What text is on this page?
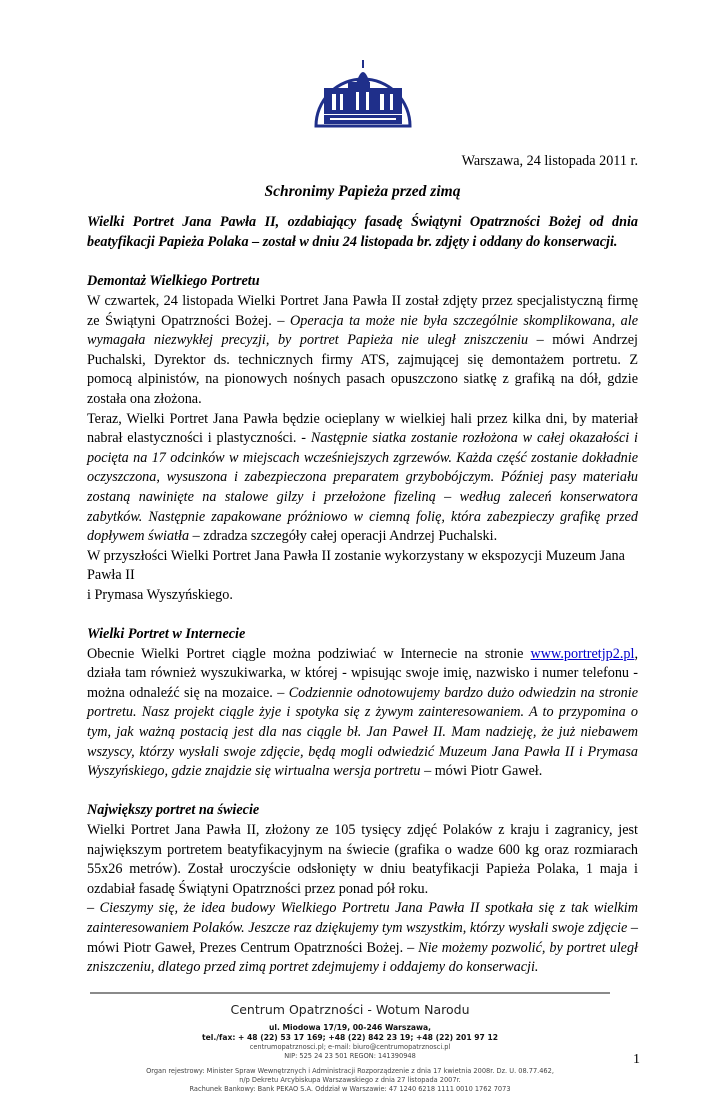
Warszawa, 24 listopada 2011 r.

Schronimy Papieża przed zimą

Wielki Portret Jana Pawła II, ozdabiający fasadę Świątyni Opatrzności Bożej od dnia beatyfikacji Papieża Polaka – został w dniu 24 listopada br. zdjęty i oddany do konserwacji.

Demontaż Wielkiego Portretu

W czwartek, 24 listopada Wielki Portret Jana Pawła II został zdjęty przez specjalistyczną firmę ze Świątyni Opatrzności Bożej. – Operacja ta może nie była szczególnie skomplikowana, ale wymagała niezwykłej precyzji, by portret Papieża nie uległ zniszczeniu – mówi Andrzej Puchalski, Dyrektor ds. technicznych firmy ATS, zajmującej się demontażem portretu. Z pomocą alpinistów, na pionowych nośnych pasach opuszczono siatkę z grafiką na dół, gdzie została ona złożona.

Teraz, Wielki Portret Jana Pawła będzie ocieplany w wielkiej hali przez kilka dni, by materiał nabrał elastyczności i plastyczności. - Następnie siatka zostanie rozłożona w całej okazałości i pocięta na 17 odcinków w miejscach wcześniejszych zgrzewów. Każda część zostanie dokładnie oczyszczona, wysuszona i zabezpieczona preparatem grzybobójczym. Później pasy materiału zostaną nawinięte na stalowe gilzy i przełożone fizeliną – według zaleceń konserwatora zabytków. Następnie zapakowane próżniowo w ciemną folię, która zabezpieczy grafikę przed dopływem światła – zdradza szczegóły całej operacji Andrzej Puchalski.

W przyszłości Wielki Portret Jana Pawła II zostanie wykorzystany w ekspozycji Muzeum Jana Pawła II

i Prymasa Wyszyńskiego.

Wielki Portret w Internecie

Obecnie Wielki Portret ciągle można podziwiać w Internecie na stronie www.portretjp2.pl, działa tam również wyszukiwarka, w której - wpisując swoje imię, nazwisko i numer telefonu - można odnaleźć się na mozaice. – Codziennie odnotowujemy bardzo dużo odwiedzin na stronie portretu. Nasz projekt ciągle żyje i spotyka się z żywym zainteresowaniem. A to przypomina o tym, jak ważną postacią jest dla nas ciągle bł. Jan Paweł II. Mam nadzieję, że już niebawem wszyscy, którzy wysłali swoje zdjęcie, będą mogli odwiedzić Muzeum Jana Pawła II i Prymasa Wyszyńskiego, gdzie znajdzie się wirtualna wersja portretu – mówi Piotr Gaweł.

Największy portret na świecie

Wielki Portret Jana Pawła II, złożony ze 105 tysięcy zdjęć Polaków z kraju i zagranicy, jest największym portretem beatyfikacyjnym na świecie (grafika o wadze 600 kg oraz rozmiarach 55x26 metrów). Został uroczyście odsłonięty w dniu beatyfikacji Papieża Polaka, 1 maja i ozdabiał fasadę Świątyni Opatrzności przez ponad pół roku.

– Cieszymy się, że idea budowy Wielkiego Portretu Jana Pawła II spotkała się z tak wielkim zainteresowaniem Polaków. Jeszcze raz dziękujemy tym wszystkim, którzy wysłali swoje zdjęcie – mówi Piotr Gaweł, Prezes Centrum Opatrzności Bożej. – Nie możemy pozwolić, by portret uległ zniszczeniu, dlatego przed zimą portret zdejmujemy i oddajemy do konserwacji.

Centrum Opatrzności - Wotum Narodu
ul. Miodowa 17/19, 00-246 Warszawa,
tel./fax: + 48 (22) 53 17 169; +48 (22) 842 23 19; +48 (22) 201 97 12
centrumopatrznosci.pl; e-mail: biuro@centrumopatrznosci.pl
NIP: 525 24 23 501 REGON: 141390948
Organ rejestrowy: Minister Spraw Wewnętrznych i Administracji Rozporządzenie z dnia 17 kwietnia 2008r. Dz. U. 08.77.462,
n/p Dekretu Arcybiskupa Warszawskiego z dnia 27 listopada 2007r.
Rachunek Bankowy: Bank PEKAO S.A. Oddział w Warszawie: 47 1240 6218 1111 0010 1762 7073
1
